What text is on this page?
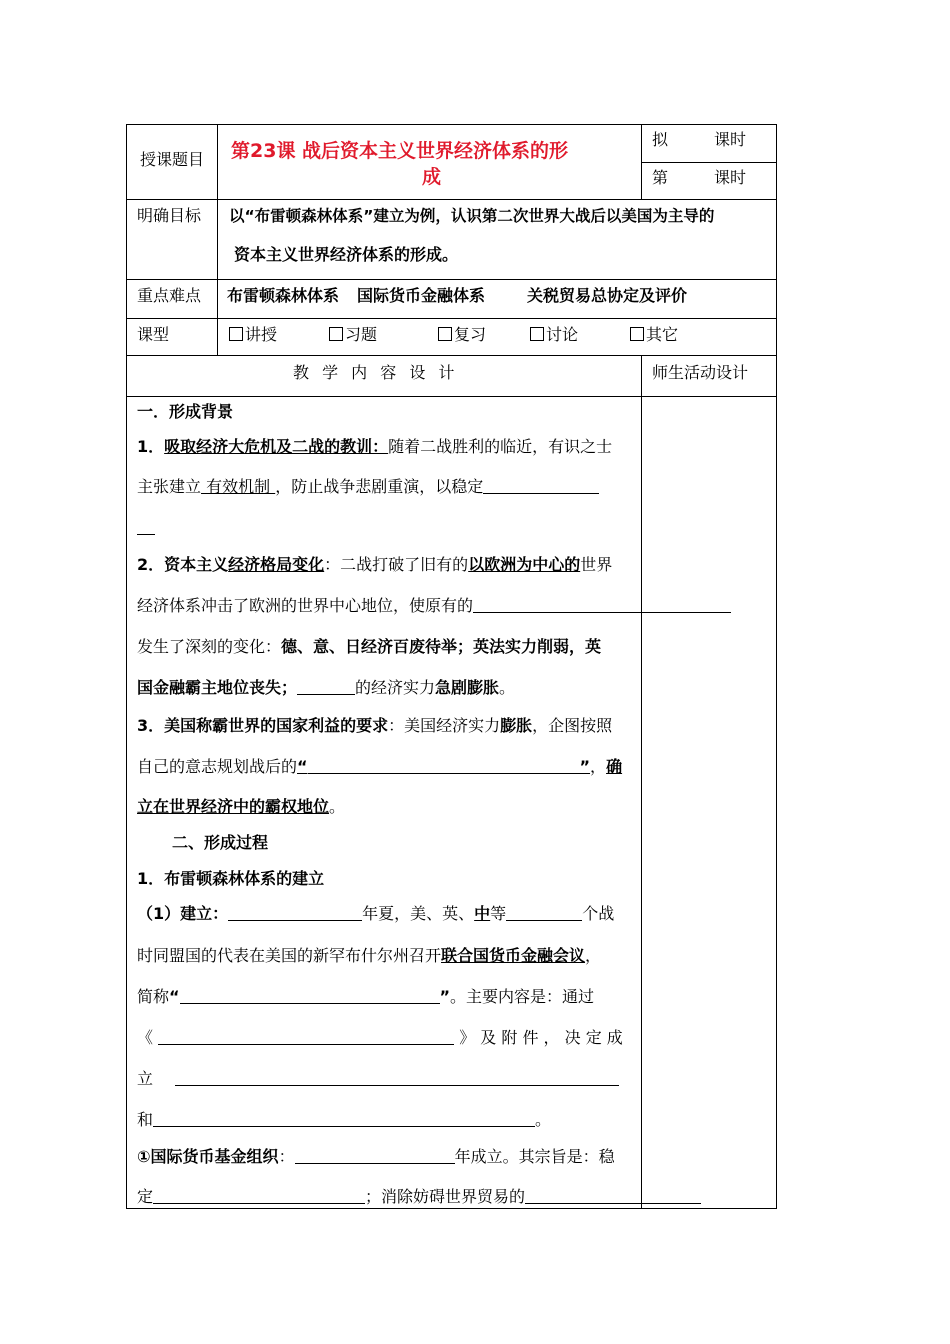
授课题目 第23课 战后资本主义世界经济体系的形
成
拟	课时
第	课时
明确目标 以“布雷顿森林体系”建立为例，认识第二次世界大战后以美国为主导的
资本主义世界经济体系的形成。
重点难点 布雷顿森林体系 国际货币金融体系	关税贸易总协定及评价
课型	讲授	习题	复习	讨论	其它
教 学 内 容 设 计	师生活动设计
一．形成背景
1．吸取经济大危机及二战的教训：随着二战胜利的临近，有识之士
主张建立 有效机制 ，防止战争悲剧重演，以稳定
2．资本主义经济格局变化：二战打破了旧有的以欧洲为中心的世界
经济体系冲击了欧洲的世界中心地位，使原有的
发生了深刻的变化：德、意、日经济百废待举；英法实力削弱，英
国金融霸主地位丧失；	的经济实力急剧膨胀。
3．美国称霸世界的国家利益的要求：美国经济实力膨胀，企图按照
自己的意志规划战后的“	”，确
立在世界经济中的霸权地位。
二、形成过程
1．布雷顿森林体系的建立
（1）建立：	年夏，美、英、中等	个战
时同盟国的代表在美国的新罕布什尔州召开联合国货币金融会议，
简称“	”。主要内容是：通过
《	》 及 附 件 ， 决 定 成
立
和	。
①国际货币基金组织：	年成立。其宗旨是：稳
定	；消除妨碍世界贸易的
